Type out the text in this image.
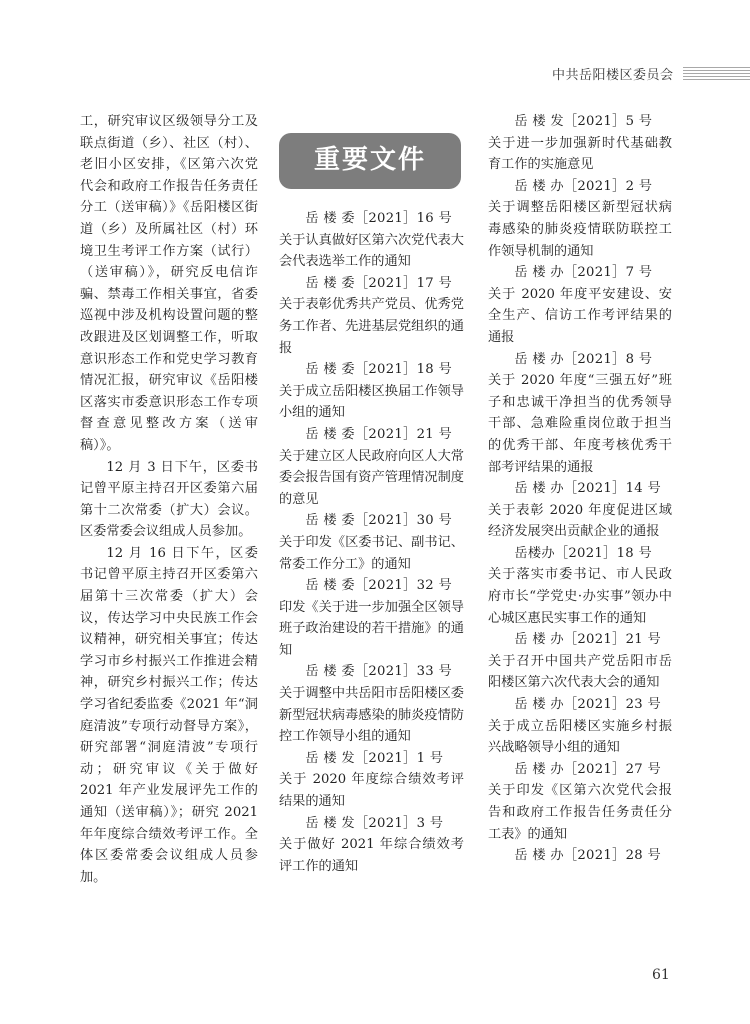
中共岳阳楼区委员会

工，研究审议区级领导分工及联点街道（乡）、社区（村）、老旧小区安排，《区第六次党代会和政府工作报告任务责任分工（送审稿）》《岳阳楼区街道（乡）及所属社区（村）环境卫生考评工作方案（试行）（送审稿）》，研究反电信诈骗、禁毒工作相关事宜，省委巡视中涉及机构设置问题的整改跟进及区划调整工作，听取意识形态工作和党史学习教育情况汇报，研究审议《岳阳楼区落实市委意识形态工作专项督查意见整改方案（送审稿）》。

12 月 3 日下午，区委书记曾平原主持召开区委第六届第十二次常委（扩大）会议。区委常委会议组成人员参加。

12 月 16 日下午，区委书记曾平原主持召开区委第六届第十三次常委（扩大）会议，传达学习中央民族工作会议精神，研究相关事宜；传达学习市乡村振兴工作推进会精神，研究乡村振兴工作；传达学习省纪委监委《2021 年“洞庭清波”专项行动督导方案》，研究部署“洞庭清波”专项行动；研究审议《关于做好 2021 年产业发展评先工作的通知（送审稿）》；研究 2021 年年度综合绩效考评工作。全体区委常委会议组成人员参加。

重要文件
岳 楼 委［2021］16 号
关于认真做好区第六次党代表大会代表选举工作的通知
岳 楼 委［2021］17 号
关于表彰优秀共产党员、优秀党务工作者、先进基层党组织的通报
岳 楼 委［2021］18 号
关于成立岳阳楼区换届工作领导小组的通知
岳 楼 委［2021］21 号
关于建立区人民政府向区人大常委会报告国有资产管理情况制度的意见
岳 楼 委［2021］30 号
关于印发《区委书记、副书记、常委工作分工》的通知
岳 楼 委［2021］32 号
印发《关于进一步加强全区领导班子政治建设的若干措施》的通知
岳 楼 委［2021］33 号
关于调整中共岳阳市岳阳楼区委新型冠状病毒感染的肺炎疫情防控工作领导小组的通知
岳 楼 发［2021］1 号
关于 2020 年度综合绩效考评结果的通知
岳 楼 发［2021］3 号
关于做好 2021 年综合绩效考评工作的通知
岳 楼 发［2021］5 号
关于进一步加强新时代基础教育工作的实施意见
岳 楼 办［2021］2 号
关于调整岳阳楼区新型冠状病毒感染的肺炎疫情联防联控工作领导机制的通知
岳 楼 办［2021］7 号
关于 2020 年度平安建设、安全生产、信访工作考评结果的通报
岳 楼 办［2021］8 号
关于 2020 年度“三强五好”班子和忠诚干净担当的优秀领导干部、急难险重岗位敢于担当的优秀干部、年度考核优秀干部考评结果的通报
岳 楼 办［2021］14 号
关于表彰 2020 年度促进区域经济发展突出贡献企业的通报
岳楼办［2021］18 号
关于落实市委书记、市人民政府市长“学党史·办实事”领办中心城区惠民实事工作的通知
岳 楼 办［2021］21 号
关于召开中国共产党岳阳市岳阳楼区第六次代表大会的通知
岳 楼 办［2021］23 号
关于成立岳阳楼区实施乡村振兴战略领导小组的通知
岳 楼 办［2021］27 号
关于印发《区第六次党代会报告和政府工作报告任务责任分工表》的通知
岳 楼 办［2021］28 号
61
